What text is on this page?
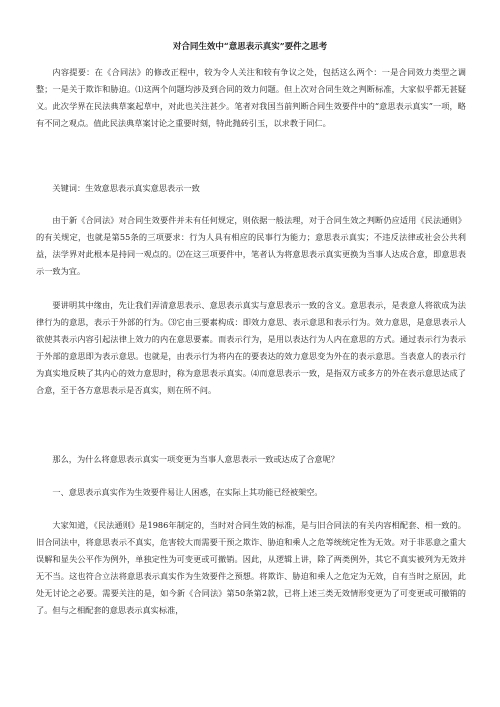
对合同生效中“意思表示真实”要件之思考

内容提要：在《合同法》的修改正程中，较为令人关注和较有争议之处，包括这么两个：一是合同效力类型之调整；一是关于欺诈和胁迫。⑴这两个问题均涉及到合同的效力问题。但上次对合同生效之判断标准，大家似乎都无甚疑义。此次学界在民法典草案起草中，对此也关注甚少。笔者对我国当前判断合同生效要件中的“意思表示真实”一项，略有不同之观点。值此民法典草案讨论之重要时刻，特此抛砖引玉，以求教于同仁。

关键词：生效意思表示真实意思表示一致

由于新《合同法》对合同生效要件并未有任何规定，则依据一般法理，对于合同生效之判断仍应适用《民法通则》的有关规定，也就是第55条的三项要求：行为人具有相应的民事行为能力；意思表示真实；不违反法律或社会公共利益，法学界对此根本是持同一观点的。⑵在这三项要件中，笔者认为将意思表示真实更换为当事人达成合意，即意思表示一致为宜。

要讲明其中缘由，先让我们弄清意思表示、意思表示真实与意思表示一致的含义。意思表示，是表意人将欲成为法律行为的意思，表示于外部的行为。⑶它由三要素构成：即效力意思、表示意思和表示行为。效力意思，是意思表示人欲使其表示内容引起法律上效力的内在意思要素。而表示行为，是用以表达行为人内在意思的方式。通过表示行为表示于外部的意思即为表示意思。也就是，由表示行为将内在的要表达的效力意思变为外在的表示意思。当表意人的表示行为真实地反映了其内心的效力意思时，称为意思表示真实。⑷而意思表示一致，是指双方或多方的外在表示意思达成了合意，至于各方意思表示是否真实，则在所不问。

那么，为什么将意思表示真实一项变更为当事人意思表示一致或达成了合意呢？

一、意思表示真实作为生效要件易让人困惑，在实际上其功能已经被架空。

大家知道，《民法通则》是1986年制定的，当时对合同生效的标准，是与旧合同法的有关内容相配套、相一致的。旧合同法中，将意思表示不真实，危害较大而需要干预之欺诈、胁迫和乘人之危等统统定性为无效。对于非恶意之重大误解和显失公平作为例外，单独定性为可变更或可撤销。因此，从逻辑上讲，除了两类例外，其它不真实被列为无效并无不当。这也符合立法将意思表示真实作为生效要件之预想。将欺诈、胁迫和乘人之危定为无效，自有当时之原因，此处无讨论之必要。需要关注的是，如今新《合同法》第50条第2款，已将上述三类无效情形变更为了可变更或可撤销的了。但与之相配套的意思表示真实标准，
